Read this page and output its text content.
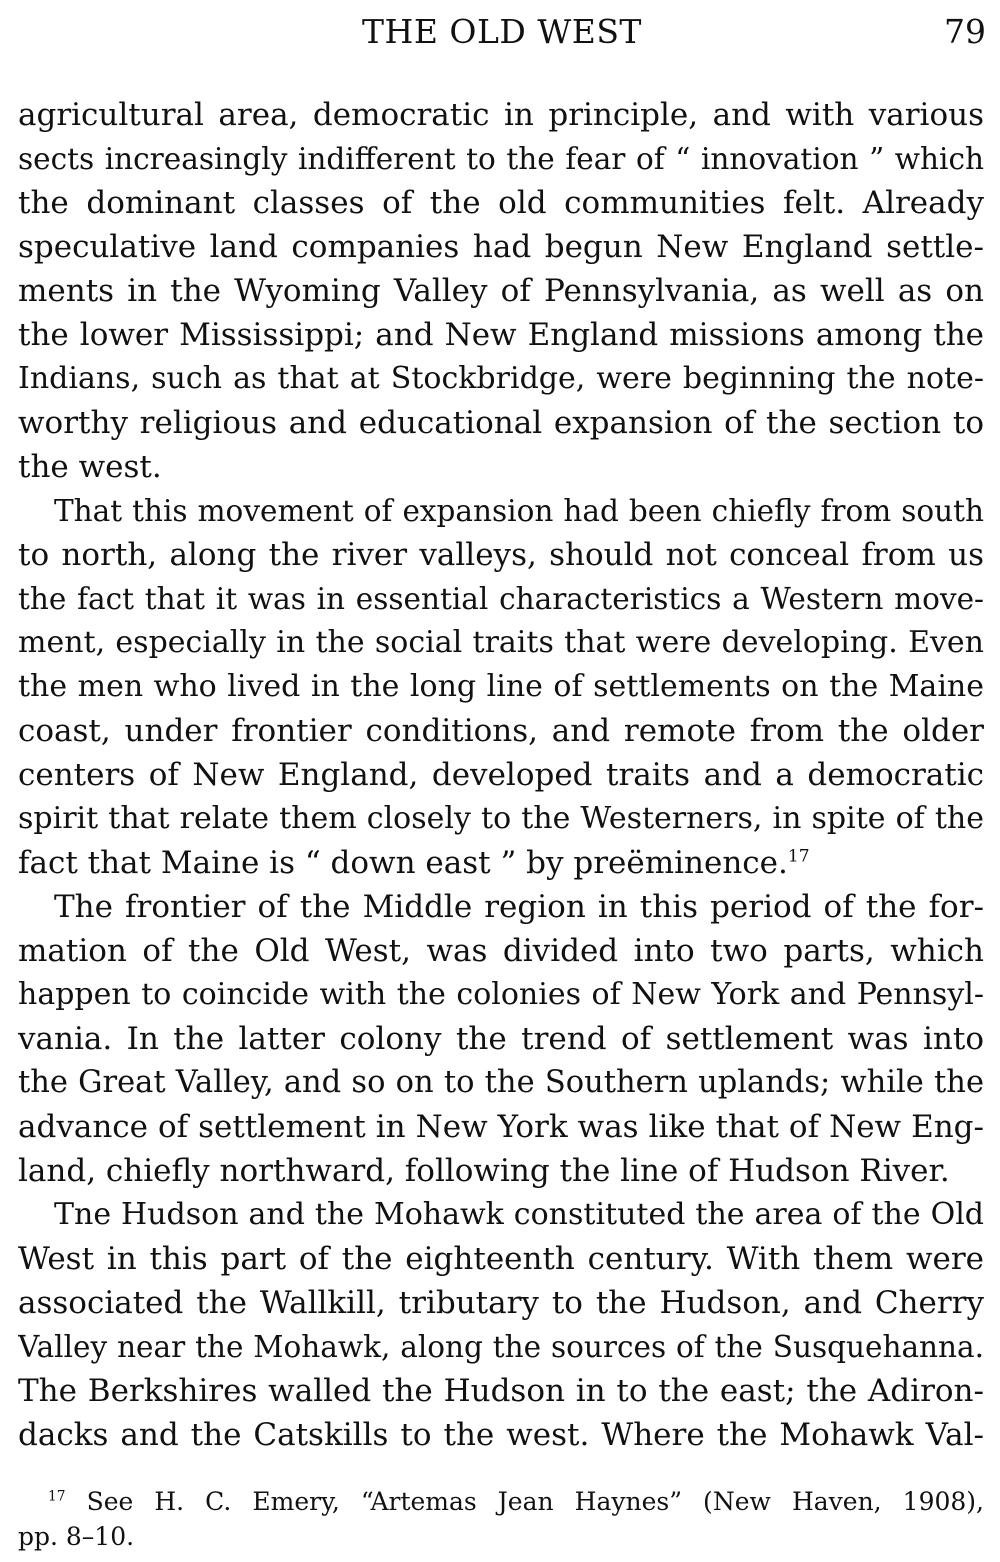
THE OLD WEST	79

agricultural area, democratic in principle, and with various
sects increasingly indifferent to the fear of “ innovation ” which
the dominant classes of the old communities felt. Already
speculative land companies had begun New England settle-
ments in the Wyoming Valley of Pennsylvania, as well as on
the lower Mississippi; and New England missions among the
Indians, such as that at Stockbridge, were beginning the note-
worthy religious and educational expansion of the section to
the west.

That this movement of expansion had been chiefly from south
to north, along the river valleys, should not conceal from us
the fact that it was in essential characteristics a Western move-
ment, especially in the social traits that were developing. Even
the men who lived in the long line of settlements on the Maine
coast, under frontier conditions, and remote from the older
centers of New England, developed traits and a democratic
spirit that relate them closely to the Westerners, in spite of the
fact that Maine is “ down east ” by preëminence.$^{17}$

The frontier of the Middle region in this period of the for-
mation of the Old West, was divided into two parts, which
happen to coincide with the colonies of New York and Pennsyl-
vania. In the latter colony the trend of settlement was into
the Great Valley, and so on to the Southern uplands; while the
advance of settlement in New York was like that of New Eng-
land, chiefly northward, following the line of Hudson River.

Tne Hudson and the Mohawk constituted the area of the Old
West in this part of the eighteenth century. With them were
associated the Wallkill, tributary to the Hudson, and Cherry
Valley near the Mohawk, along the sources of the Susquehanna.
The Berkshires walled the Hudson in to the east; the Adiron-
dacks and the Catskills to the west. Where the Mohawk Val-

$^{17}$ See H. C. Emery, “Artemas Jean Haynes” (New Haven, 1908),
pp. 8–10.
